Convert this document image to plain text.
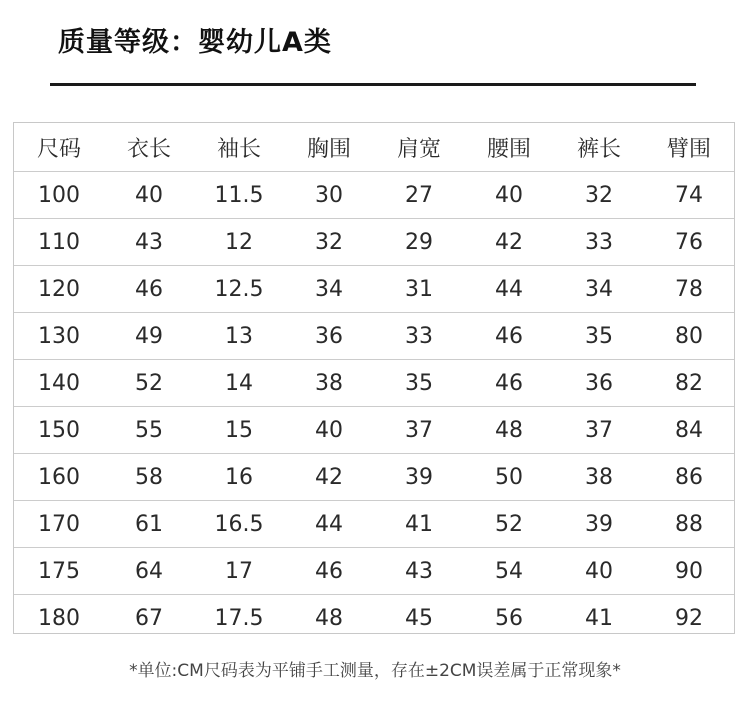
质量等级：婴幼儿A类
尺码	衣长	袖长	胸围	肩宽	腰围	裤长	臂围
100	40	11.5	30	27	40	32	74
110	43	12	32	29	42	33	76
120	46	12.5	34	31	44	34	78
130	49	13	36	33	46	35	80
140	52	14	38	35	46	36	82
150	55	15	40	37	48	37	84
160	58	16	42	39	50	38	86
170	61	16.5	44	41	52	39	88
175	64	17	46	43	54	40	90
180	67	17.5	48	45	56	41	92
*单位:CM尺码表为平铺手工测量，存在±2CM误差属于正常现象*
